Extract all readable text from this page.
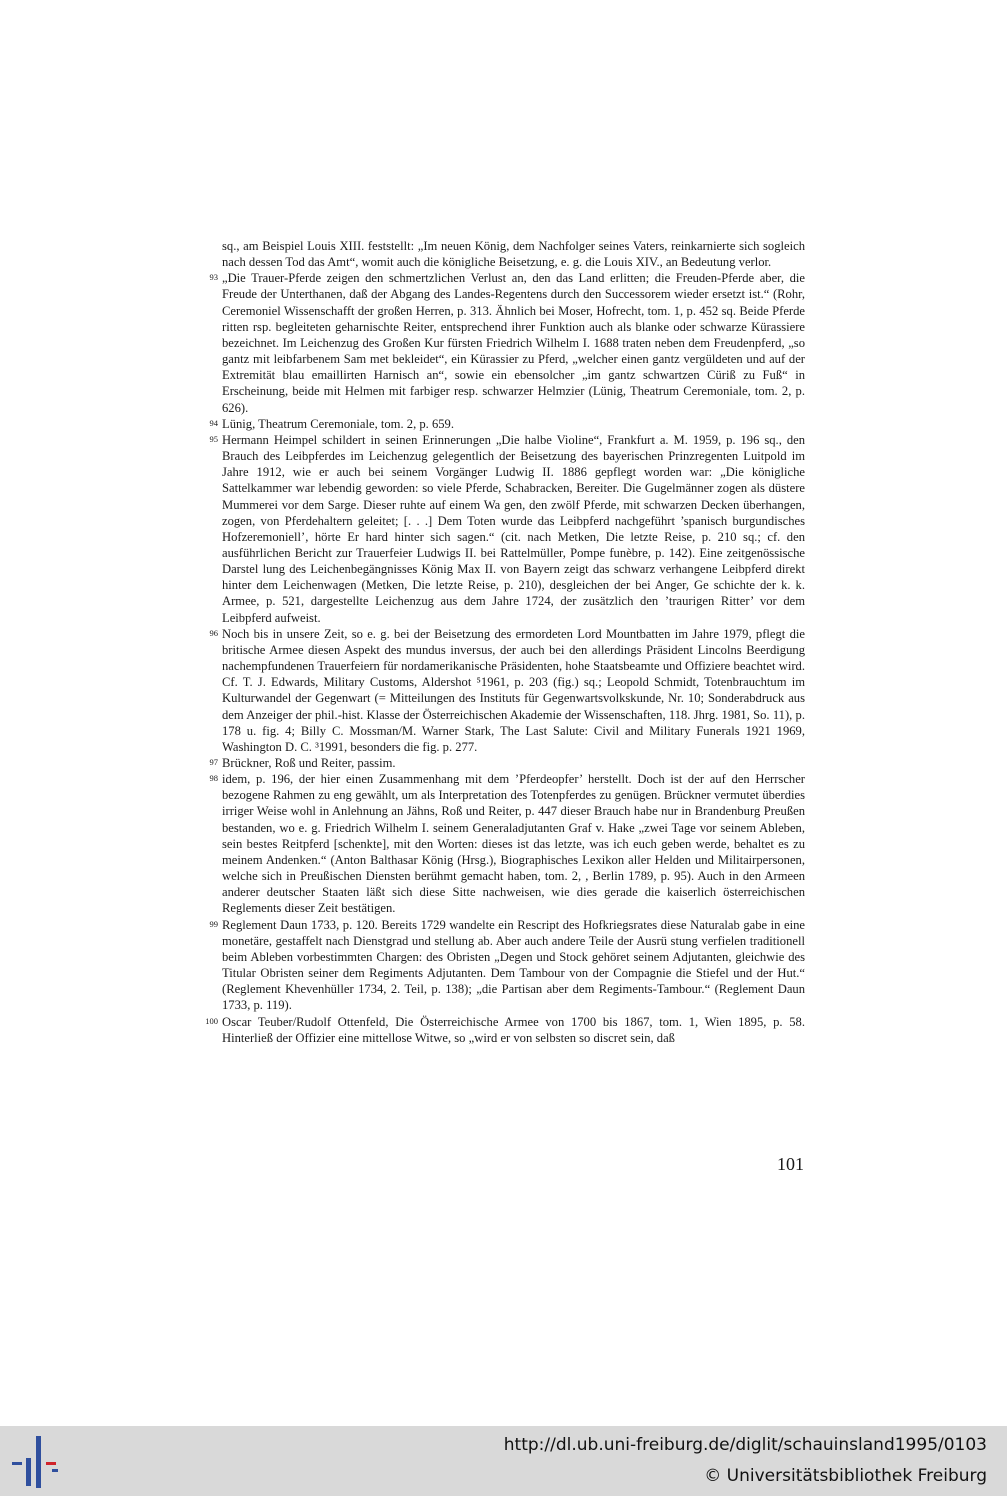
sq., am Beispiel Louis XIII. feststellt: „Im neuen König, dem Nachfolger seines Vaters, reinkarnierte sich sogleich nach dessen Tod das Amt“, womit auch die königliche Beisetzung, e. g. die Louis XIV., an Bedeutung verlor.

93 „Die Trauer-Pferde zeigen den schmertzlichen Verlust an, den das Land erlitten; die Freuden-Pferde aber, die Freude der Unterthanen, daß der Abgang des Landes-Regentens durch den Successorem wieder ersetzt ist.“ (Rohr, Ceremoniel Wissenschafft der großen Herren, p. 313. Ähnlich bei Moser, Hofrecht, tom. 1, p. 452 sq. Beide Pferde ritten rsp. begleiteten geharnischte Reiter, entsprechend ihrer Funktion auch als blanke oder schwarze Kürassiere bezeichnet. Im Leichenzug des Großen Kur fürsten Friedrich Wilhelm I. 1688 traten neben dem Freudenpferd, „so gantz mit leibfarbenem Sam met bekleidet“, ein Kürassier zu Pferd, „welcher einen gantz vergüldeten und auf der Extremität blau emaillirten Harnisch an“, sowie ein ebensolcher „im gantz schwartzen Cüriß zu Fuß“ in Erscheinung, beide mit Helmen mit farbiger resp. schwarzer Helmzier (Lünig, Theatrum Ceremoniale, tom. 2, p. 626).

94 Lünig, Theatrum Ceremoniale, tom. 2, p. 659.

95 Hermann Heimpel schildert in seinen Erinnerungen „Die halbe Violine“, Frankfurt a. M. 1959, p. 196 sq., den Brauch des Leibpferdes im Leichenzug gelegentlich der Beisetzung des bayerischen Prinzregenten Luitpold im Jahre 1912, wie er auch bei seinem Vorgänger Ludwig II. 1886 gepflegt worden war: „Die königliche Sattelkammer war lebendig geworden: so viele Pferde, Schabracken, Bereiter. Die Gugelmänner zogen als düstere Mummerei vor dem Sarge. Dieser ruhte auf einem Wa gen, den zwölf Pferde, mit schwarzen Decken überhangen, zogen, von Pferdehaltern geleitet; [. . .] Dem Toten wurde das Leibpferd nachgeführt ’spanisch burgundisches Hofzeremoniell’, hörte Er hard hinter sich sagen.“ (cit. nach Metken, Die letzte Reise, p. 210 sq.; cf. den ausführlichen Bericht zur Trauerfeier Ludwigs II. bei Rattelmüller, Pompe funèbre, p. 142). Eine zeitgenössische Darstel lung des Leichenbegängnisses König Max II. von Bayern zeigt das schwarz verhangene Leibpferd direkt hinter dem Leichenwagen (Metken, Die letzte Reise, p. 210), desgleichen der bei Anger, Ge schichte der k. k. Armee, p. 521, dargestellte Leichenzug aus dem Jahre 1724, der zusätzlich den ’traurigen Ritter’ vor dem Leibpferd aufweist.

96 Noch bis in unsere Zeit, so e. g. bei der Beisetzung des ermordeten Lord Mountbatten im Jahre 1979, pflegt die britische Armee diesen Aspekt des mundus inversus, der auch bei den allerdings Präsident Lincolns Beerdigung nachempfundenen Trauerfeiern für nordamerikanische Präsidenten, hohe Staatsbeamte und Offiziere beachtet wird. Cf. T. J. Edwards, Military Customs, Aldershot ⁵1961, p. 203 (fig.) sq.; Leopold Schmidt, Totenbrauchtum im Kulturwandel der Gegenwart (= Mitteilungen des Instituts für Gegenwartsvolkskunde, Nr. 10; Sonderabdruck aus dem Anzeiger der phil.-hist. Klasse der Österreichischen Akademie der Wissenschaften, 118. Jhrg. 1981, So. 11), p. 178 u. fig. 4; Billy C. Mossman/M. Warner Stark, The Last Salute: Civil and Military Funerals 1921 1969, Washington D. C. ³1991, besonders die fig. p. 277.

97 Brückner, Roß und Reiter, passim.

98 idem, p. 196, der hier einen Zusammenhang mit dem ’Pferdeopfer’ herstellt. Doch ist der auf den Herrscher bezogene Rahmen zu eng gewählt, um als Interpretation des Totenpferdes zu genügen. Brückner vermutet überdies irriger Weise wohl in Anlehnung an Jähns, Roß und Reiter, p. 447 dieser Brauch habe nur in Brandenburg Preußen bestanden, wo e. g. Friedrich Wilhelm I. seinem Generaladjutanten Graf v. Hake „zwei Tage vor seinem Ableben, sein bestes Reitpferd [schenkte], mit den Worten: dieses ist das letzte, was ich euch geben werde, behaltet es zu meinem Andenken.“ (Anton Balthasar König (Hrsg.), Biographisches Lexikon aller Helden und Militairpersonen, welche sich in Preußischen Diensten berühmt gemacht haben, tom. 2, , Berlin 1789, p. 95). Auch in den Armeen anderer deutscher Staaten läßt sich diese Sitte nachweisen, wie dies gerade die kaiserlich österreichischen Reglements dieser Zeit bestätigen.

99 Reglement Daun 1733, p. 120. Bereits 1729 wandelte ein Rescript des Hofkriegsrates diese Naturalab gabe in eine monetäre, gestaffelt nach Dienstgrad und stellung ab. Aber auch andere Teile der Ausrü stung verfielen traditionell beim Ableben vorbestimmten Chargen: des Obristen „Degen und Stock gehöret seinem Adjutanten, gleichwie des Titular Obristen seiner dem Regiments Adjutanten. Dem Tambour von der Compagnie die Stiefel und der Hut.“ (Reglement Khevenhüller 1734, 2. Teil, p. 138); „die Partisan aber dem Regiments-Tambour.“ (Reglement Daun 1733, p. 119).

100 Oscar Teuber/Rudolf Ottenfeld, Die Österreichische Armee von 1700 bis 1867, tom. 1, Wien 1895, p. 58. Hinterließ der Offizier eine mittellose Witwe, so „wird er von selbsten so discret sein, daß

101
http://dl.ub.uni-freiburg.de/diglit/schauinsland1995/0103
© Universitätsbibliothek Freiburg
